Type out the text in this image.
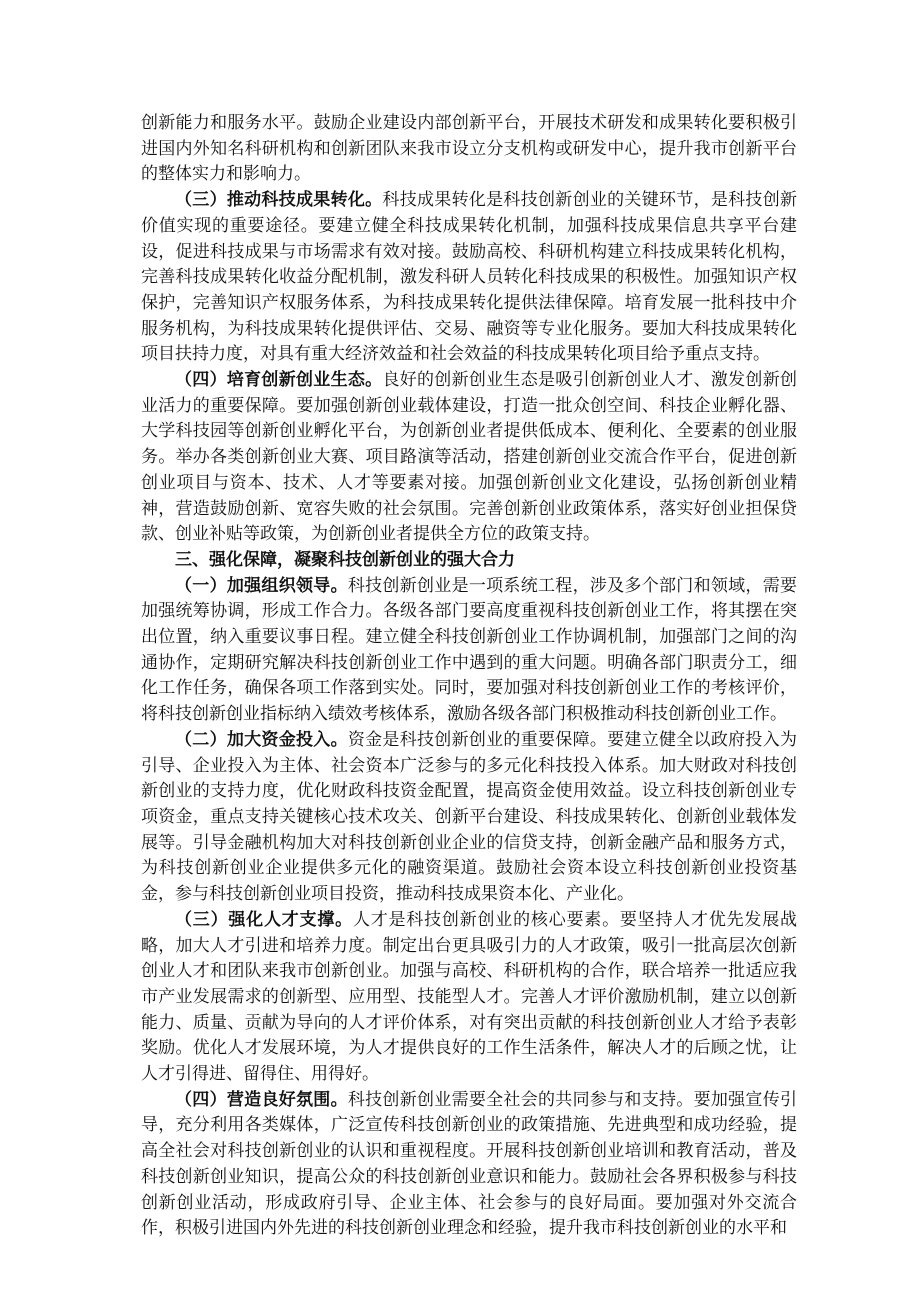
创新能力和服务水平。鼓励企业建设内部创新平台，开展技术研发和成果转化要积极引进国内外知名科研机构和创新团队来我市设立分支机构或研发中心，提升我市创新平台的整体实力和影响力。

（三）推动科技成果转化。科技成果转化是科技创新创业的关键环节，是科技创新价值实现的重要途径。要建立健全科技成果转化机制，加强科技成果信息共享平台建设，促进科技成果与市场需求有效对接。鼓励高校、科研机构建立科技成果转化机构，完善科技成果转化收益分配机制，激发科研人员转化科技成果的积极性。加强知识产权保护，完善知识产权服务体系，为科技成果转化提供法律保障。培育发展一批科技中介服务机构，为科技成果转化提供评估、交易、融资等专业化服务。要加大科技成果转化项目扶持力度，对具有重大经济效益和社会效益的科技成果转化项目给予重点支持。

（四）培育创新创业生态。良好的创新创业生态是吸引创新创业人才、激发创新创业活力的重要保障。要加强创新创业载体建设，打造一批众创空间、科技企业孵化器、大学科技园等创新创业孵化平台，为创新创业者提供低成本、便利化、全要素的创业服务。举办各类创新创业大赛、项目路演等活动，搭建创新创业交流合作平台，促进创新创业项目与资本、技术、人才等要素对接。加强创新创业文化建设，弘扬创新创业精神，营造鼓励创新、宽容失败的社会氛围。完善创新创业政策体系，落实好创业担保贷款、创业补贴等政策，为创新创业者提供全方位的政策支持。

三、强化保障，凝聚科技创新创业的强大合力

（一）加强组织领导。科技创新创业是一项系统工程，涉及多个部门和领域，需要加强统筹协调，形成工作合力。各级各部门要高度重视科技创新创业工作，将其摆在突出位置，纳入重要议事日程。建立健全科技创新创业工作协调机制，加强部门之间的沟通协作，定期研究解决科技创新创业工作中遇到的重大问题。明确各部门职责分工，细化工作任务，确保各项工作落到实处。同时，要加强对科技创新创业工作的考核评价，将科技创新创业指标纳入绩效考核体系，激励各级各部门积极推动科技创新创业工作。

（二）加大资金投入。资金是科技创新创业的重要保障。要建立健全以政府投入为引导、企业投入为主体、社会资本广泛参与的多元化科技投入体系。加大财政对科技创新创业的支持力度，优化财政科技资金配置，提高资金使用效益。设立科技创新创业专项资金，重点支持关键核心技术攻关、创新平台建设、科技成果转化、创新创业载体发展等。引导金融机构加大对科技创新创业企业的信贷支持，创新金融产品和服务方式，为科技创新创业企业提供多元化的融资渠道。鼓励社会资本设立科技创新创业投资基金，参与科技创新创业项目投资，推动科技成果资本化、产业化。

（三）强化人才支撑。人才是科技创新创业的核心要素。要坚持人才优先发展战略，加大人才引进和培养力度。制定出台更具吸引力的人才政策，吸引一批高层次创新创业人才和团队来我市创新创业。加强与高校、科研机构的合作，联合培养一批适应我市产业发展需求的创新型、应用型、技能型人才。完善人才评价激励机制，建立以创新能力、质量、贡献为导向的人才评价体系，对有突出贡献的科技创新创业人才给予表彰奖励。优化人才发展环境，为人才提供良好的工作生活条件，解决人才的后顾之忧，让人才引得进、留得住、用得好。

（四）营造良好氛围。科技创新创业需要全社会的共同参与和支持。要加强宣传引导，充分利用各类媒体，广泛宣传科技创新创业的政策措施、先进典型和成功经验，提高全社会对科技创新创业的认识和重视程度。开展科技创新创业培训和教育活动，普及科技创新创业知识，提高公众的科技创新创业意识和能力。鼓励社会各界积极参与科技创新创业活动，形成政府引导、企业主体、社会参与的良好局面。要加强对外交流合作，积极引进国内外先进的科技创新创业理念和经验，提升我市科技创新创业的水平和
